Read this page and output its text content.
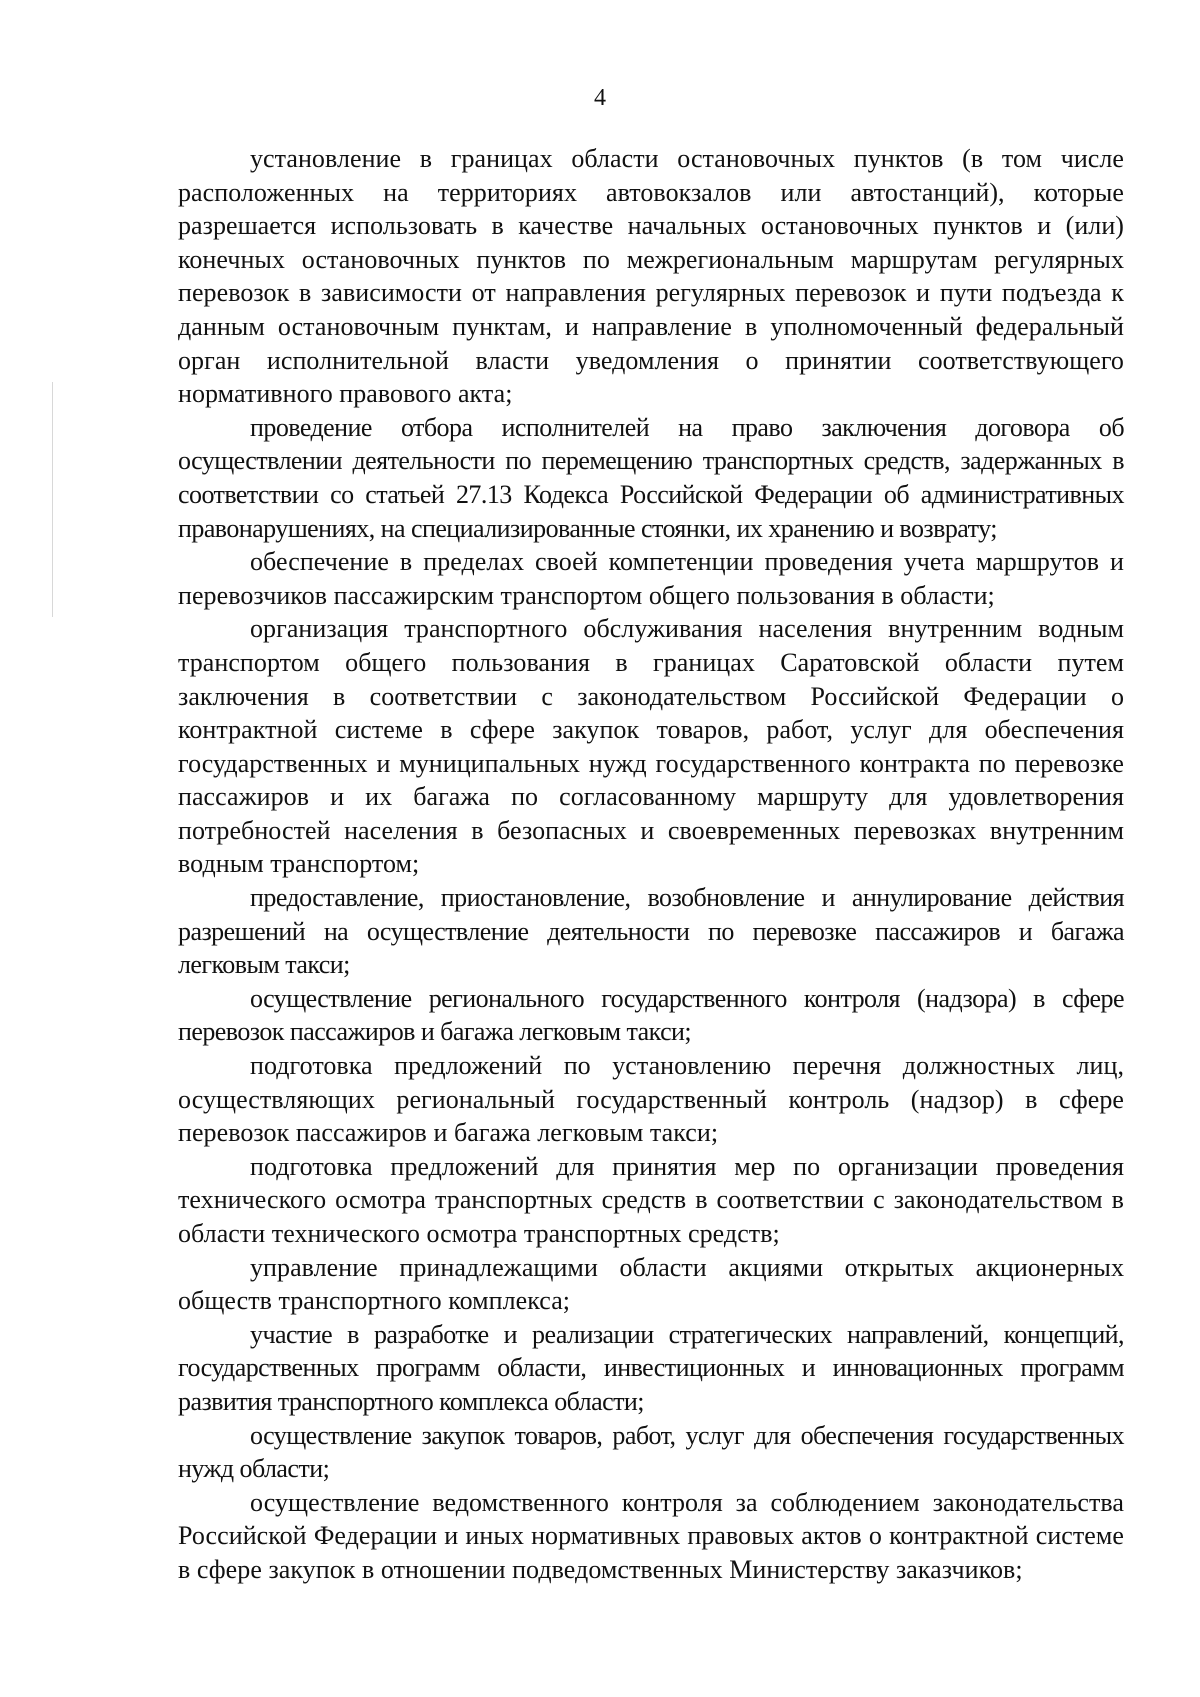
4

установление в границах области остановочных пунктов (в том числе расположенных на территориях автовокзалов или автостанций), которые разрешается использовать в качестве начальных остановочных пунктов и (или) конечных остановочных пунктов по межрегиональным маршрутам регулярных перевозок в зависимости от направления регулярных перевозок и пути подъезда к данным остановочным пунктам, и направление в уполномоченный федеральный орган исполнительной власти уведомления о принятии соответствующего нормативного правового акта;

проведение отбора исполнителей на право заключения договора об осуществлении деятельности по перемещению транспортных средств, задержанных в соответствии со статьей 27.13 Кодекса Российской Федерации об административных правонарушениях, на специализированные стоянки, их хранению и возврату;

обеспечение в пределах своей компетенции проведения учета маршрутов и перевозчиков пассажирским транспортом общего пользования в области;

организация транспортного обслуживания населения внутренним водным транспортом общего пользования в границах Саратовской области путем заключения в соответствии с законодательством Российской Федерации о контрактной системе в сфере закупок товаров, работ, услуг для обеспечения государственных и муниципальных нужд государственного контракта по перевозке пассажиров и их багажа по согласованному маршруту для удовлетворения потребностей населения в безопасных и своевременных перевозках внутренним водным транспортом;

предоставление, приостановление, возобновление и аннулирование действия разрешений на осуществление деятельности по перевозке пассажиров и багажа легковым такси;

осуществление регионального государственного контроля (надзора) в сфере перевозок пассажиров и багажа легковым такси;

подготовка предложений по установлению перечня должностных лиц, осуществляющих региональный государственный контроль (надзор) в сфере перевозок пассажиров и багажа легковым такси;

подготовка предложений для принятия мер по организации проведения технического осмотра транспортных средств в соответствии с законодательством в области технического осмотра транспортных средств;

управление принадлежащими области акциями открытых акционерных обществ транспортного комплекса;

участие в разработке и реализации стратегических направлений, концепций, государственных программ области, инвестиционных и инновационных программ развития транспортного комплекса области;

осуществление закупок товаров, работ, услуг для обеспечения государственных нужд области;

осуществление ведомственного контроля за соблюдением законодательства Российской Федерации и иных нормативных правовых актов о контрактной системе в сфере закупок в отношении подведомственных Министерству заказчиков;
